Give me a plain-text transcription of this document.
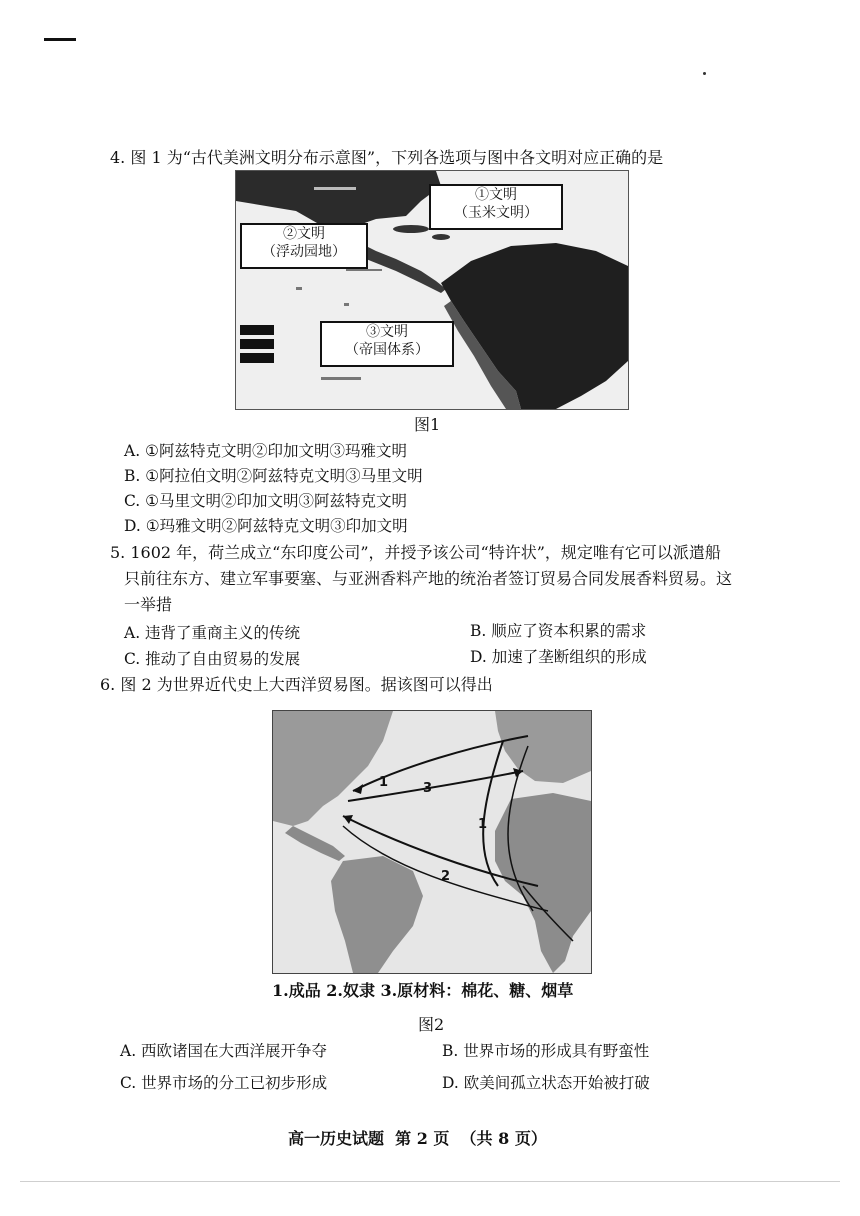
4. 图 1 为“古代美洲文明分布示意图”，下列各选项与图中各文明对应正确的是
①文明
（玉米文明）
②文明
（浮动园地）
③文明
（帝国体系）
图1
A. ①阿兹特克文明②印加文明③玛雅文明
B. ①阿拉伯文明②阿兹特克文明③马里文明
C. ①马里文明②印加文明③阿兹特克文明
D. ①玛雅文明②阿兹特克文明③印加文明
5. 1602 年，荷兰成立“东印度公司”，并授予该公司“特许状”，规定唯有它可以派遣船
只前往东方、建立军事要塞、与亚洲香料产地的统治者签订贸易合同发展香料贸易。这
一举措
A. 违背了重商主义的传统	B. 顺应了资本积累的需求
C. 推动了自由贸易的发展	D. 加速了垄断组织的形成
6. 图 2 为世界近代史上大西洋贸易图。据该图可以得出
1	3
1
2
1.成品 2.奴隶 3.原材料：棉花、糖、烟草
图2
A. 西欧诸国在大西洋展开争夺	B. 世界市场的形成具有野蛮性
C. 世界市场的分工已初步形成	D. 欧美间孤立状态开始被打破
高一历史试题  第 2 页  （共 8 页）
